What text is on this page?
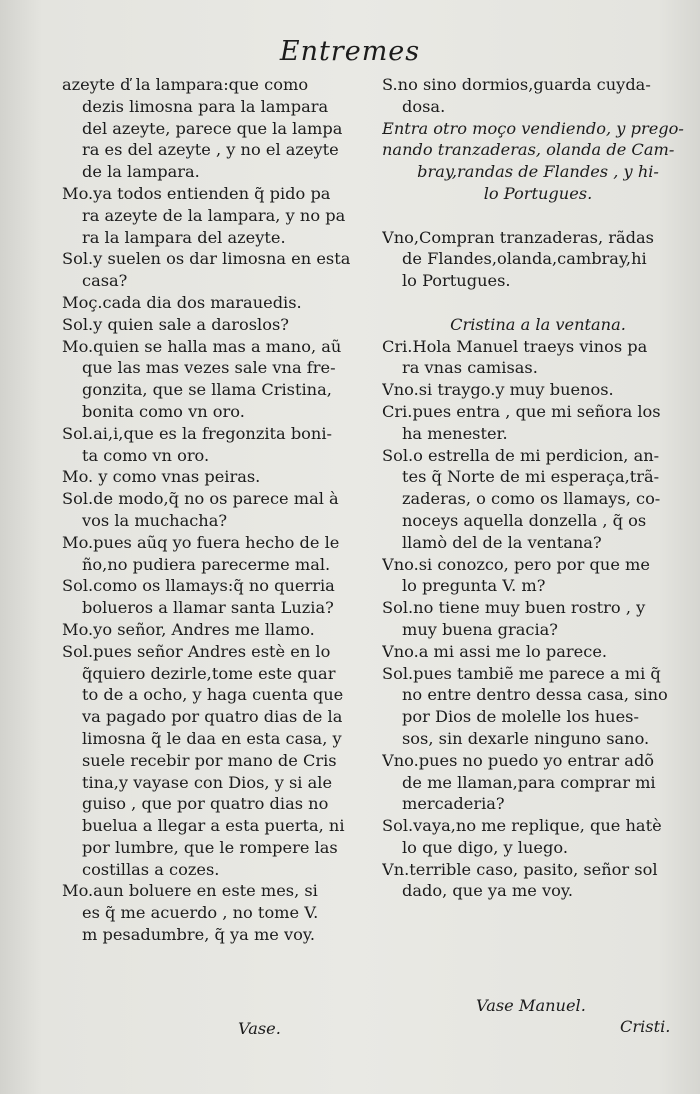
Entremes
azeyte ď la lampara:que como
dezis limosna para la lampara
del azeyte, parece que la lampa
ra es del azeyte , y no el azeyte
de la lampara.
Mo.ya todos entienden q̃ pido pa
ra azeyte de la lampara, y no pa
ra la lampara del azeyte.
Sol.y suelen os dar limosna en esta
casa?
Moç.cada dia dos marauedis.
Sol.y quien sale a daroslos?
Mo.quien se halla mas a mano, aũ
que las mas vezes sale vna fre-
gonzita, que se llama Cristina,
bonita como vn oro.
Sol.ai,i,que es la fregonzita boni-
ta como vn oro.
Mo. y como vnas peiras.
Sol.de modo,q̃ no os parece mal à
vos la muchacha?
Mo.pues aũq yo fuera hecho de le
ño,no pudiera parecerme mal.
Sol.como os llamays:q̃ no querria
bolueros a llamar santa Luzia?
Mo.yo señor, Andres me llamo.
Sol.pues señor Andres estè en lo
q̃quiero dezirle,tome este quar
to de a ocho, y haga cuenta que
va pagado por quatro dias de la
limosna q̃ le daa en esta casa, y
suele recebir por mano de Cris
tina,y vayase con Dios, y si ale
guiso , que por quatro dias no
buelua a llegar a esta puerta, ni
por lumbre, que le rompere las
costillas a cozes.
Mo.aun boluere en este mes, si
es q̃ me acuerdo , no tome V.
m pesadumbre, q̃ ya me voy.
Vase.
S.no sino dormios,guarda cuyda-
dosa.
Entra otro moço vendiendo, y prego-
nando tranzaderas, olanda de Cam-
bray,randas de Flandes , y hi-
lo Portugues.
Vno,Compran tranzaderas, rãdas
de Flandes,olanda,cambray,hi
lo Portugues.
Cristina a la ventana.
Cri.Hola Manuel traeys vinos pa
ra vnas camisas.
Vno.si traygo.y muy buenos.
Cri.pues entra , que mi señora los
ha menester.
Sol.o estrella de mi perdicion, an-
tes q̃ Norte de mi esperaça,trã-
zaderas, o como os llamays, co-
noceys aquella donzella , q̃ os
llamò del de la ventana?
Vno.si conozco, pero por que me
lo pregunta V. m?
Sol.no tiene muy buen rostro , y
muy buena gracia?
Vno.a mi assi me lo parece.
Sol.pues tambiẽ me parece a mi q̃
no entre dentro dessa casa, sino
por Dios de molelle los hues-
sos, sin dexarle ninguno sano.
Vno.pues no puedo yo entrar adõ
de me llaman,para comprar mi
mercaderia?
Sol.vaya,no me replique, que hatè
lo que digo, y luego.
Vn.terrible caso, pasito, señor sol
dado, que ya me voy.
Vase Manuel.
Cristi.
